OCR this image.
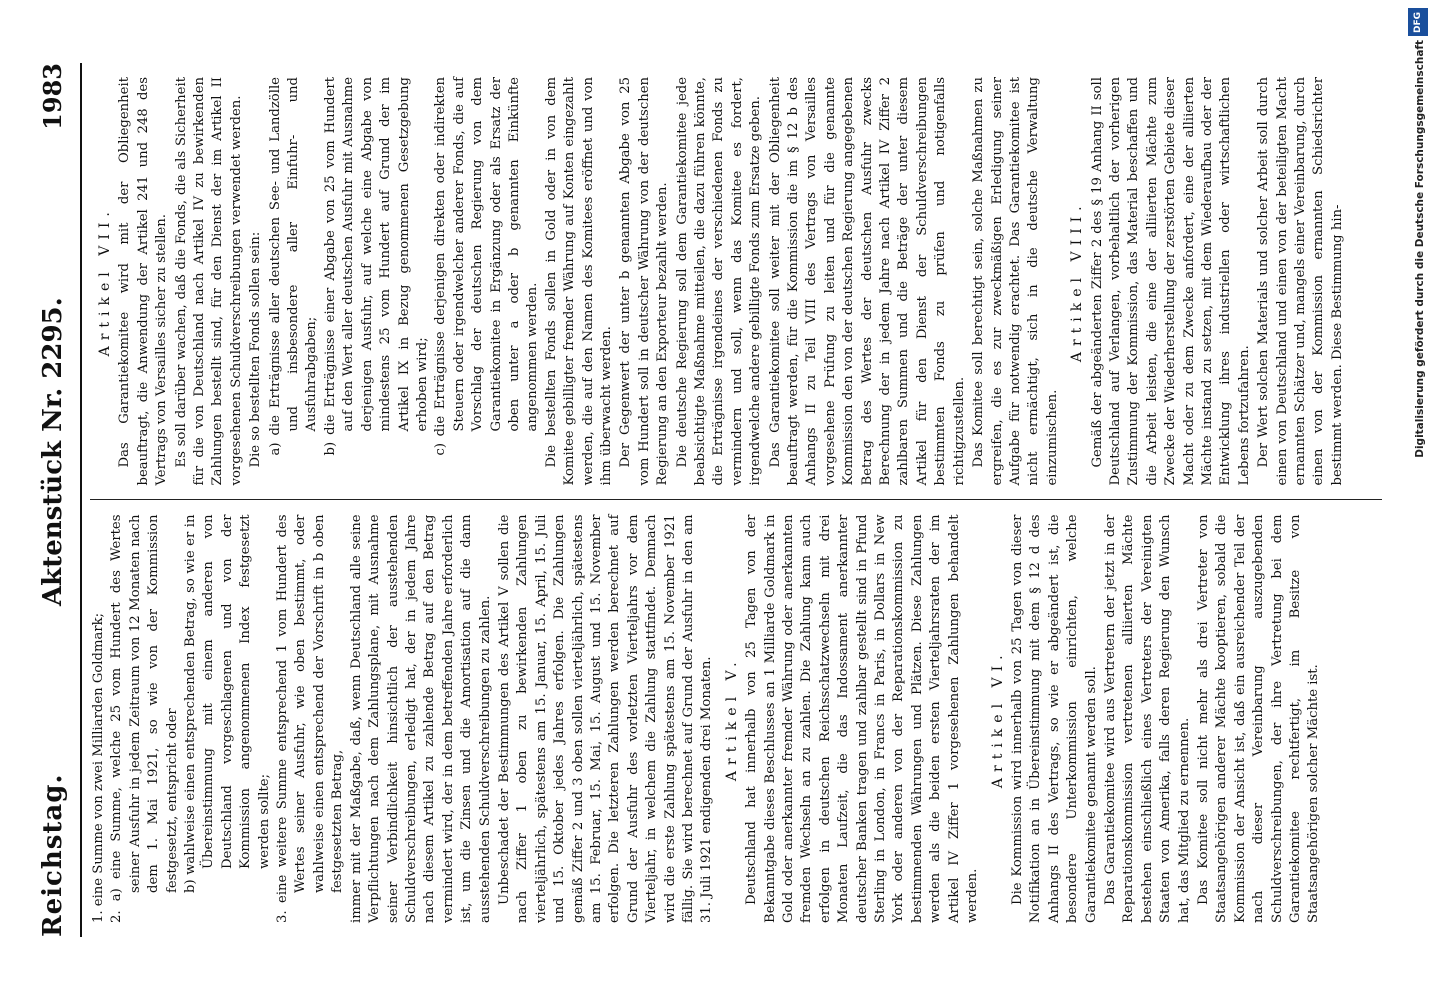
Reichstag.
Aktenstück Nr. 2295.
1983

1. eine Summe von zwei Milliarden Goldmark; 2. a) eine Summe, welche 25 vom Hundert des Wertes seiner Ausfuhr in jedem Zeitraum von 12 Monaten nach dem 1. Mai 1921, so wie von der Kommission festgesetzt, entspricht oder b) wahlweise einen entsprechenden Betrag, so wie er in Übereinstimmung mit einem anderen von Deutschland vorgeschlagenen und von der Kommission angenommenen Index festgesetzt werden sollte; 3. eine weitere Summe entsprechend 1 vom Hundert des Wertes seiner Ausfuhr, wie oben bestimmt, oder wahlweise einen entsprechend der Vorschrift in b oben festgesetzten Betrag, immer mit der Maßgabe, daß, wenn Deutschland alle seine Verpflichtungen nach dem Zahlungsplane, mit Ausnahme seiner Verbindlichkeit hinsichtlich der ausstehenden Schuldverschreibungen, erledigt hat, der in jedem Jahre nach diesem Artikel zu zahlende Betrag auf den Betrag vermindert wird, der in dem betreffenden Jahre erforderlich ist, um die Zinsen und die Amortisation auf die dann ausstehenden Schuldverschreibungen zu zahlen. Unbeschadet der Bestimmungen des Artikel V sollen die nach Ziffer 1 oben zu bewirkenden Zahlungen vierteljährlich, spätestens am 15. Januar, 15. April, 15. Juli und 15. Oktober jedes Jahres erfolgen. Die Zahlungen gemäß Ziffer 2 und 3 oben sollen vierteljährlich, spätestens am 15. Februar, 15. Mai, 15. August und 15. November erfolgen. Die letzteren Zahlungen werden berechnet auf Grund der Ausfuhr des vorletzten Vierteljahrs vor dem Vierteljahr, in welchem die Zahlung stattfindet. Demnach wird die erste Zahlung spätestens am 15. November 1921 fällig. Sie wird berechnet auf Grund der Ausfuhr in den am 31. Juli 1921 endigenden drei Monaten. Artikel V. Deutschland hat innerhalb von 25 Tagen von der Bekanntgabe dieses Beschlusses an 1 Milliarde Goldmark in Gold oder anerkannter fremder Währung oder anerkannten fremden Wechseln an zu zahlen. Die Zahlung kann auch erfolgen in deutschen Reichsschatzwechseln mit drei Monaten Laufzeit, die das Indossament anerkannter deutscher Banken tragen und zahlbar gestellt sind in Pfund Sterling in London, in Francs in Paris, in Dollars in New York oder anderen von der Reparationskommission zu bestimmenden Währungen und Plätzen. Diese Zahlungen werden als die beiden ersten Vierteljahrsraten der im Artikel IV Ziffer 1 vorgesehenen Zahlungen behandelt werden.

Artikel VI. Die Kommission wird innerhalb von 25 Tagen von dieser Notifikation an in Übereinstimmung mit dem § 12 d des Anhangs II des Vertrags, so wie er abgeändert ist, die besondere Unterkommission einrichten, welche Garantiekomitee genannt werden soll. Das Garantiekomitee wird aus Vertretern der jetzt in der Reparationskommission vertretenen alliierten Mächte bestehen einschließlich eines Vertreters der Vereinigten Staaten von Amerika, falls deren Regierung den Wunsch hat, das Mitglied zu ernennen. Das Komitee soll nicht mehr als drei Vertreter von Staatsangehörigen anderer Mächte kooptieren, sobald die Kommission der Ansicht ist, daß ein ausreichender Teil der nach dieser Vereinbarung auszugebenden Schuldverschreibungen, der ihre Vertretung bei dem Garantiekomitee rechtfertigt, im Besitze von Staatsangehörigen solcher Mächte ist.

Artikel VII. Das Garantiekomitee wird mit der Obliegenheit beauftragt, die Anwendung der Artikel 241 und 248 des Vertrags von Versailles sicher zu stellen. Es soll darüber wachen, daß die Fonds, die als Sicherheit für die von Deutschland nach Artikel IV zu bewirkenden Zahlungen bestellt sind, für den Dienst der im Artikel II vorgesehenen Schuldverschreibungen verwendet werden. Die so bestellten Fonds sollen sein: a) die Erträgnisse aller deutschen See- und Landzölle und insbesondere aller Einfuhr- und Ausfuhrabgaben; b) die Erträgnisse einer Abgabe von 25 vom Hundert auf den Wert aller deutschen Ausfuhr mit Ausnahme derjenigen Ausfuhr, auf welche eine Abgabe von mindestens 25 vom Hundert auf Grund der im Artikel IX in Bezug genommenen Gesetzgebung erhoben wird; c) die Erträgnisse derjenigen direkten oder indirekten Steuern oder irgendwelcher anderer Fonds, die auf Vorschlag der deutschen Regierung von dem Garantiekomitee in Ergänzung oder als Ersatz der oben unter a oder b genannten Einkünfte angenommen werden. Die bestellten Fonds sollen in Gold oder in von dem Komitee gebilligter fremder Währung auf Konten eingezahlt werden, die auf den Namen des Komitees eröffnet und von ihm überwacht werden. Der Gegenwert der unter b genannten Abgabe von 25 vom Hundert soll in deutscher Währung von der deutschen Regierung an den Exporteur bezahlt werden. Die deutsche Regierung soll dem Garantiekomitee jede beabsichtigte Maßnahme mitteilen, die dazu führen könnte, die Erträgnisse irgendeines der verschiedenen Fonds zu vermindern und soll, wenn das Komitee es fordert, irgendwelche andere gebilligte Fonds zum Ersatze geben. Das Garantiekomitee soll weiter mit der Obliegenheit beauftragt werden, für die Kommission die im § 12 b des Anhangs II zu Teil VIII des Vertrags von Versailles vorgesehene Prüfung zu leiten und für die genannte Kommission den von der deutschen Regierung angegebenen Betrag des Wertes der deutschen Ausfuhr zwecks Berechnung der in jedem Jahre nach Artikel IV Ziffer 2 zahlbaren Summen und die Beträge der unter diesem Artikel für den Dienst der Schuldverschreibungen bestimmten Fonds zu prüfen und notigenfalls richtigzustellen. Das Komitee soll berechtigt sein, solche Maßnahmen zu ergreifen, die es zur zweckmäßigen Erledigung seiner Aufgabe für notwendig erachtet. Das Garantiekomitee ist nicht ermächtigt, sich in die deutsche Verwaltung einzumischen.

Artikel VIII. Gemäß der abgeänderten Ziffer 2 des § 19 Anhang II soll Deutschland auf Verlangen, vorbehaltlich der vorherigen Zustimmung der Kommission, das Material beschaffen und die Arbeit leisten, die eine der alliierten Mächte zum Zwecke der Wiederherstellung der zerstörten Gebiete dieser Macht oder zu dem Zwecke anfordert, eine der alliierten Mächte instand zu setzen, mit dem Wiederaufbau oder der Entwicklung ihres industriellen oder wirtschaftlichen Lebens fortzufahren. Der Wert solchen Materials und solcher Arbeit soll durch einen von Deutschland und einen von der beteiligten Macht ernannten Schätzer und, mangels einer Vereinbarung, durch einen von der Kommission ernannten Schiedsrichter bestimmt werden. Diese Bestimmung hin-

DFG
Digitalisierung gefördert durch die Deutsche Forschungsgemeinschaft
